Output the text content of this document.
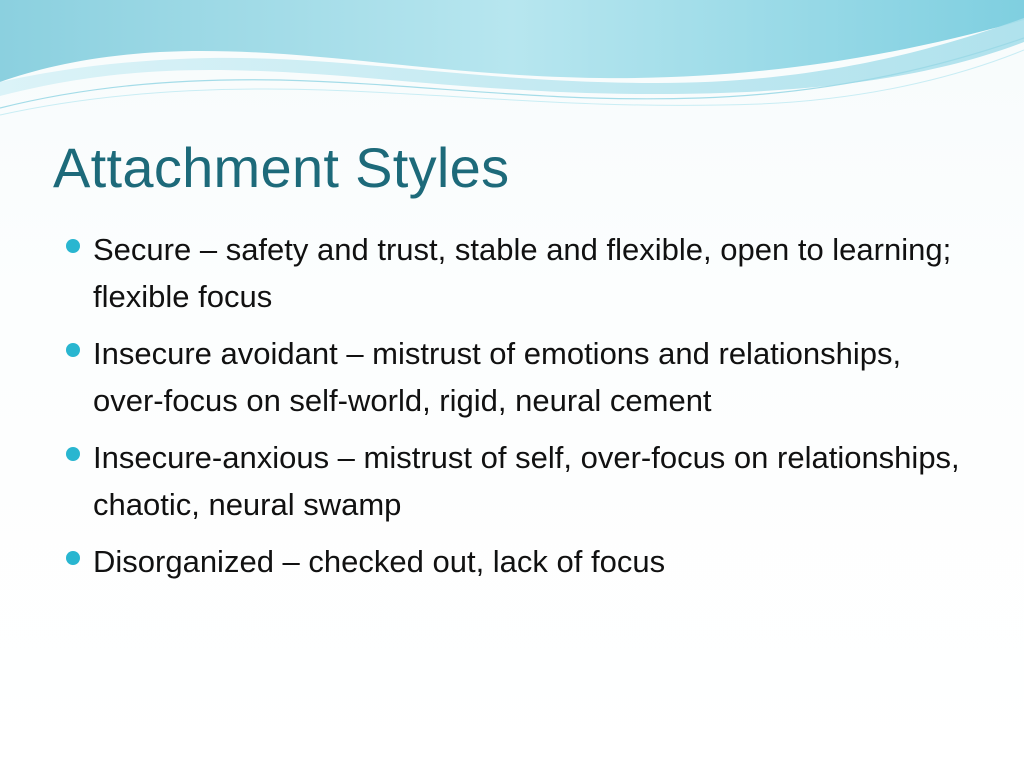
Attachment Styles
Secure – safety and trust, stable and flexible, open to learning; flexible focus
Insecure avoidant – mistrust of emotions and relationships, over-focus on self-world, rigid, neural cement
Insecure-anxious – mistrust of self, over-focus on relationships, chaotic, neural swamp
Disorganized – checked out, lack of focus
